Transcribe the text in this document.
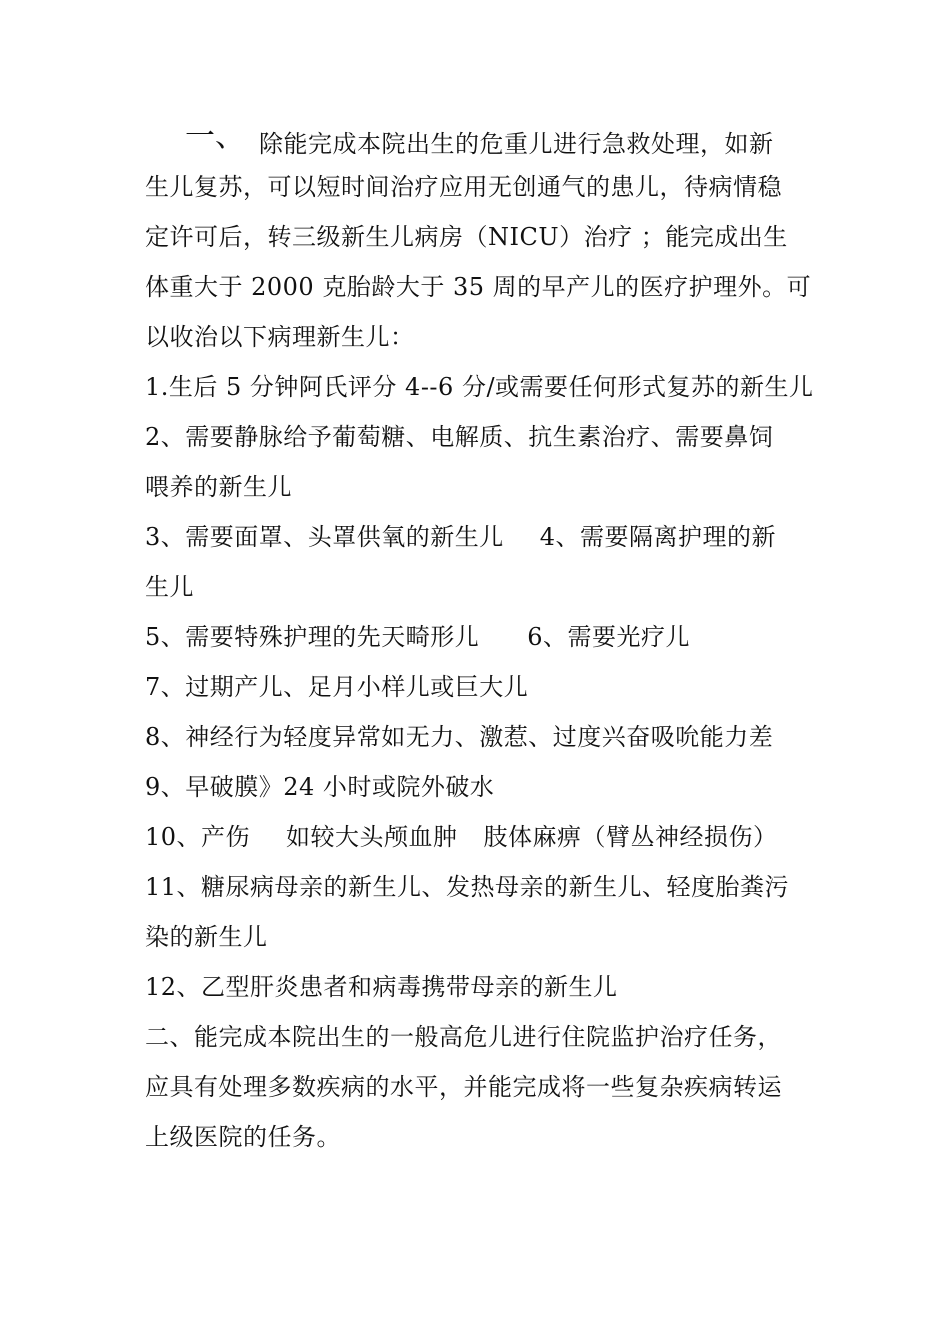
一、 除能完成本院出生的危重儿进行急救处理，如新
生儿复苏，可以短时间治疗应用无创通气的患儿，待病情稳
定许可后，转三级新生儿病房（NICU）治疗 ；能完成出生
体重大于 2000 克胎龄大于 35 周的早产儿的医疗护理外。可
以收治以下病理新生儿：
1.生后 5 分钟阿氏评分 4--6 分/或需要任何形式复苏的新生儿
2、需要静脉给予葡萄糖、电解质、抗生素治疗、需要鼻饲
喂养的新生儿
3、需要面罩、头罩供氧的新生儿 4、需要隔离护理的新
生儿
5、需要特殊护理的先天畸形儿 6、需要光疗儿
7、过期产儿、足月小样儿或巨大儿
8、神经行为轻度异常如无力、激惹、过度兴奋吸吮能力差
9、早破膜》24 小时或院外破水
10、产伤 如较大头颅血肿 肢体麻痹（臂丛神经损伤）
11、糖尿病母亲的新生儿、发热母亲的新生儿、轻度胎粪污
染的新生儿
12、乙型肝炎患者和病毒携带母亲的新生儿
二、能完成本院出生的一般高危儿进行住院监护治疗任务，
应具有处理多数疾病的水平，并能完成将一些复杂疾病转运
上级医院的任务。
